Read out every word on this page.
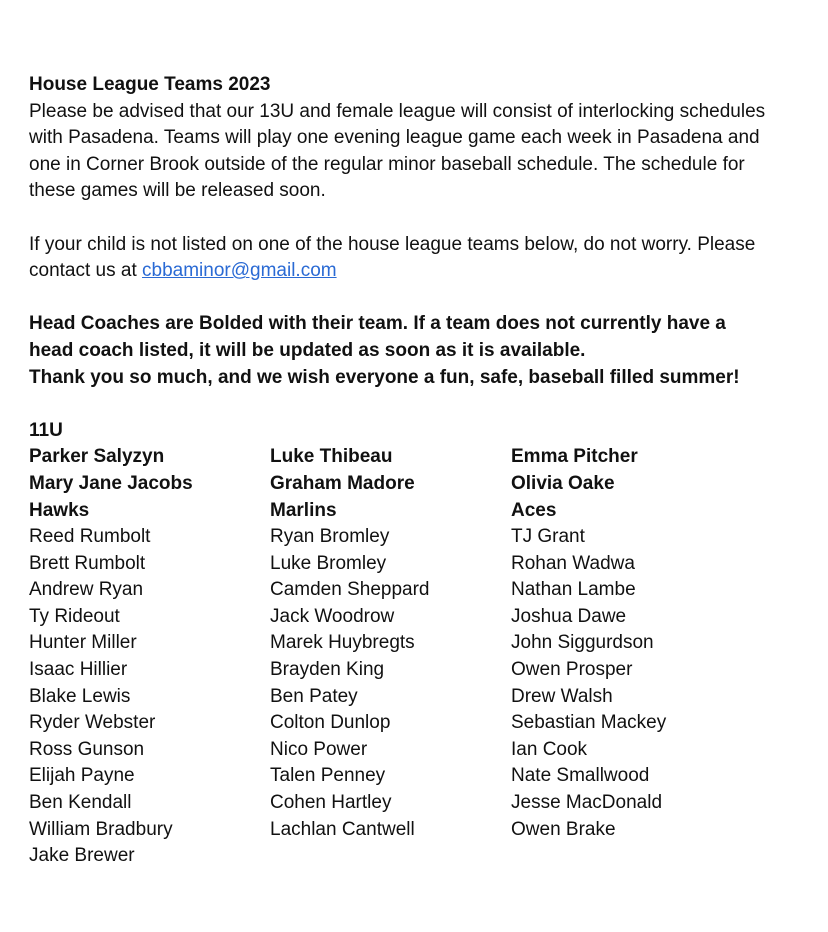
House League Teams 2023
Please be advised that our 13U and female league will consist of interlocking schedules
with Pasadena. Teams will play one evening league game each week in Pasadena and
one in Corner Brook outside of the regular minor baseball schedule. The schedule for
these games will be released soon.
If your child is not listed on one of the house league teams below, do not worry. Please
contact us at cbbaminor@gmail.com
Head Coaches are Bolded with their team. If a team does not currently have a
head coach listed, it will be updated as soon as it is available.
Thank you so much, and we wish everyone a fun, safe, baseball filled summer!
11U
Parker Salyzyn	Luke Thibeau	Emma Pitcher
Mary Jane Jacobs	Graham Madore	Olivia Oake
Hawks	Marlins	Aces
Reed Rumbolt	Ryan Bromley	TJ Grant
Brett Rumbolt	Luke Bromley	Rohan Wadwa
Andrew Ryan	Camden Sheppard	Nathan Lambe
Ty Rideout	Jack Woodrow	Joshua Dawe
Hunter Miller	Marek Huybregts	John Siggurdson
Isaac Hillier	Brayden King	Owen Prosper
Blake Lewis	Ben Patey	Drew Walsh
Ryder Webster	Colton Dunlop	Sebastian Mackey
Ross Gunson	Nico Power	Ian Cook
Elijah Payne	Talen Penney	Nate Smallwood
Ben Kendall	Cohen Hartley	Jesse MacDonald
William Bradbury	Lachlan Cantwell	Owen Brake
Jake Brewer
